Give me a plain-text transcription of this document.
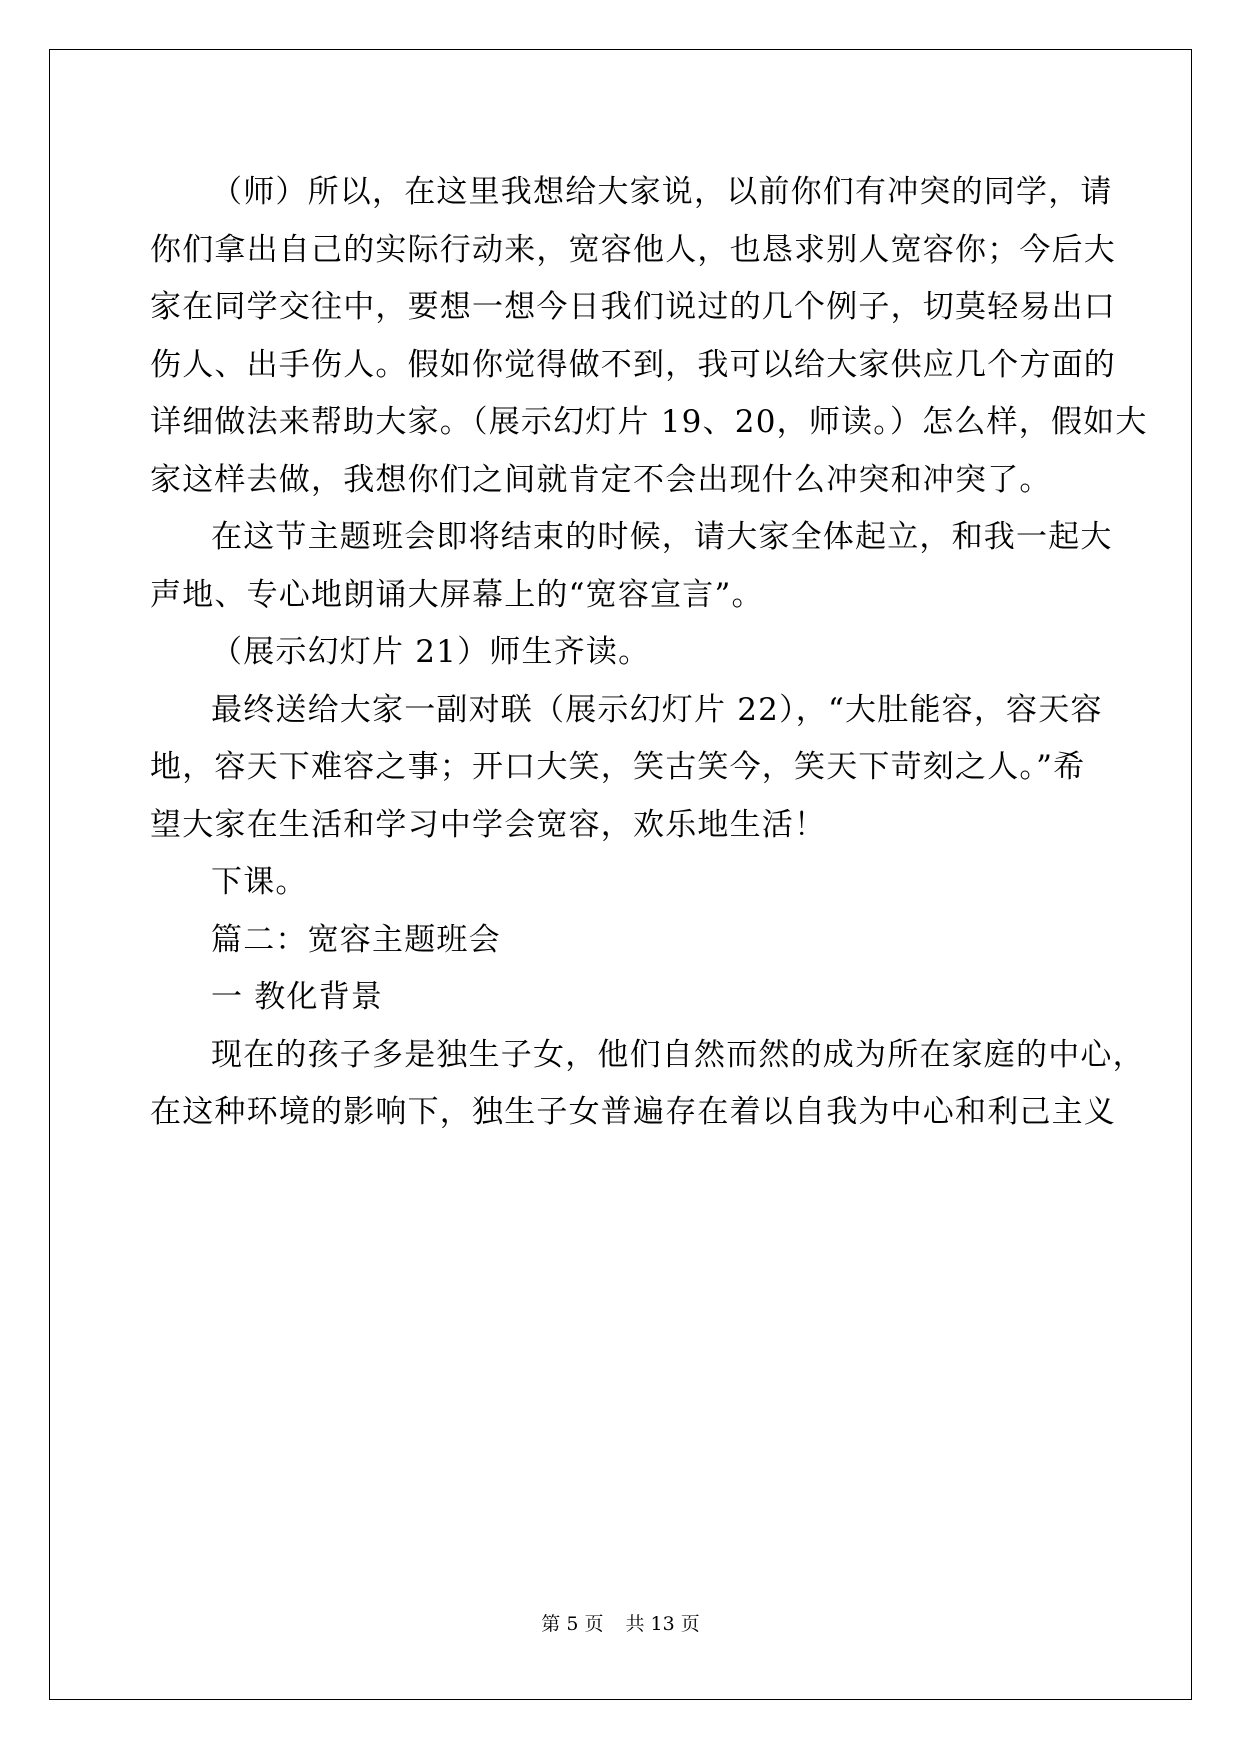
（师）所以，在这里我想给大家说，以前你们有冲突的同学，请
你们拿出自己的实际行动来，宽容他人，也恳求别人宽容你；今后大
家在同学交往中，要想一想今日我们说过的几个例子，切莫轻易出口
伤人、出手伤人。假如你觉得做不到，我可以给大家供应几个方面的
详细做法来帮助大家。（展示幻灯片 19、20，师读。）怎么样，假如大
家这样去做，我想你们之间就肯定不会出现什么冲突和冲突了。
在这节主题班会即将结束的时候，请大家全体起立，和我一起大
声地、专心地朗诵大屏幕上的“宽容宣言”。
（展示幻灯片 21）师生齐读。
最终送给大家一副对联（展示幻灯片 22），“大肚能容，容天容
地，容天下难容之事；开口大笑，笑古笑今，笑天下苛刻之人。”希
望大家在生活和学习中学会宽容，欢乐地生活！
下课。
篇二：宽容主题班会
一 教化背景
现在的孩子多是独生子女，他们自然而然的成为所在家庭的中心，
在这种环境的影响下，独生子女普遍存在着以自我为中心和利己主义
第 5 页 共 13 页
